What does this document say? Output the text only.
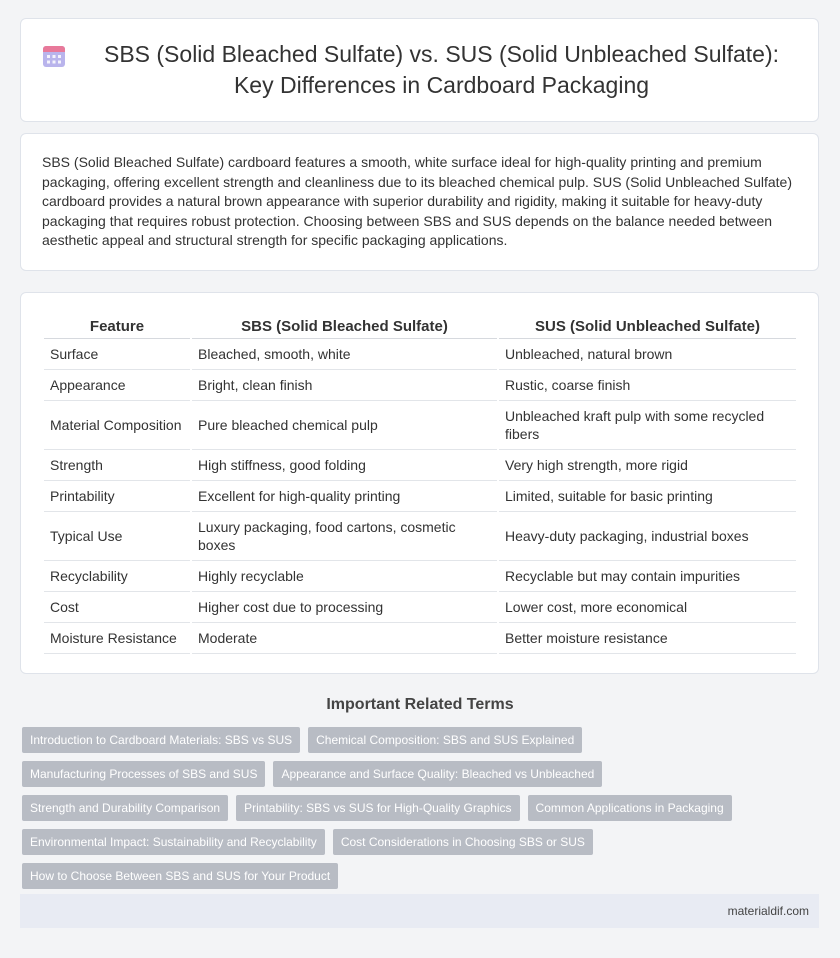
SBS (Solid Bleached Sulfate) vs. SUS (Solid Unbleached Sulfate): Key Differences in Cardboard Packaging

SBS (Solid Bleached Sulfate) cardboard features a smooth, white surface ideal for high-quality printing and premium packaging, offering excellent strength and cleanliness due to its bleached chemical pulp. SUS (Solid Unbleached Sulfate) cardboard provides a natural brown appearance with superior durability and rigidity, making it suitable for heavy-duty packaging that requires robust protection. Choosing between SBS and SUS depends on the balance needed between aesthetic appeal and structural strength for specific packaging applications.

Feature	SBS (Solid Bleached Sulfate)	SUS (Solid Unbleached Sulfate)
Surface	Bleached, smooth, white	Unbleached, natural brown
Appearance	Bright, clean finish	Rustic, coarse finish
Material Composition	Pure bleached chemical pulp	Unbleached kraft pulp with some recycled fibers
Strength	High stiffness, good folding	Very high strength, more rigid
Printability	Excellent for high-quality printing	Limited, suitable for basic printing
Typical Use	Luxury packaging, food cartons, cosmetic boxes	Heavy-duty packaging, industrial boxes
Recyclability	Highly recyclable	Recyclable but may contain impurities
Cost	Higher cost due to processing	Lower cost, more economical
Moisture Resistance	Moderate	Better moisture resistance
Important Related Terms
Introduction to Cardboard Materials: SBS vs SUS	Chemical Composition: SBS and SUS Explained
Manufacturing Processes of SBS and SUS	Appearance and Surface Quality: Bleached vs Unbleached
Strength and Durability Comparison	Printability: SBS vs SUS for High-Quality Graphics	Common Applications in Packaging
Environmental Impact: Sustainability and Recyclability	Cost Considerations in Choosing SBS or SUS
How to Choose Between SBS and SUS for Your Product
materialdif.com
